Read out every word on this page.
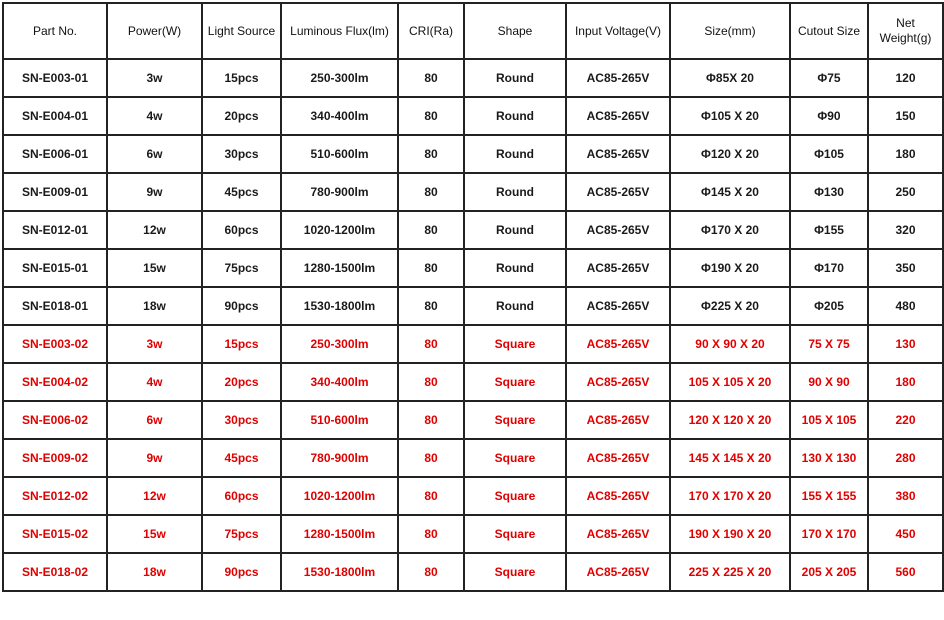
Part No.	Power(W)	Light Source	Luminous Flux(lm)	CRI(Ra)	Shape	Input Voltage(V)	Size(mm)	Cutout Size	Net Weight(g)
SN-E003-01	3w	15pcs	250-300lm	80	Round	AC85-265V	Φ85X 20	Φ75	120
SN-E004-01	4w	20pcs	340-400lm	80	Round	AC85-265V	Φ105 X 20	Φ90	150
SN-E006-01	6w	30pcs	510-600lm	80	Round	AC85-265V	Φ120 X 20	Φ105	180
SN-E009-01	9w	45pcs	780-900lm	80	Round	AC85-265V	Φ145 X 20	Φ130	250
SN-E012-01	12w	60pcs	1020-1200lm	80	Round	AC85-265V	Φ170 X 20	Φ155	320
SN-E015-01	15w	75pcs	1280-1500lm	80	Round	AC85-265V	Φ190 X 20	Φ170	350
SN-E018-01	18w	90pcs	1530-1800lm	80	Round	AC85-265V	Φ225 X 20	Φ205	480
SN-E003-02	3w	15pcs	250-300lm	80	Square	AC85-265V	90 X 90 X 20	75 X 75	130
SN-E004-02	4w	20pcs	340-400lm	80	Square	AC85-265V	105 X 105 X 20	90 X 90	180
SN-E006-02	6w	30pcs	510-600lm	80	Square	AC85-265V	120 X 120 X 20	105 X 105	220
SN-E009-02	9w	45pcs	780-900lm	80	Square	AC85-265V	145 X 145 X 20	130 X 130	280
SN-E012-02	12w	60pcs	1020-1200lm	80	Square	AC85-265V	170 X 170 X 20	155 X 155	380
SN-E015-02	15w	75pcs	1280-1500lm	80	Square	AC85-265V	190 X 190 X 20	170 X 170	450
SN-E018-02	18w	90pcs	1530-1800lm	80	Square	AC85-265V	225 X 225 X 20	205 X 205	560
